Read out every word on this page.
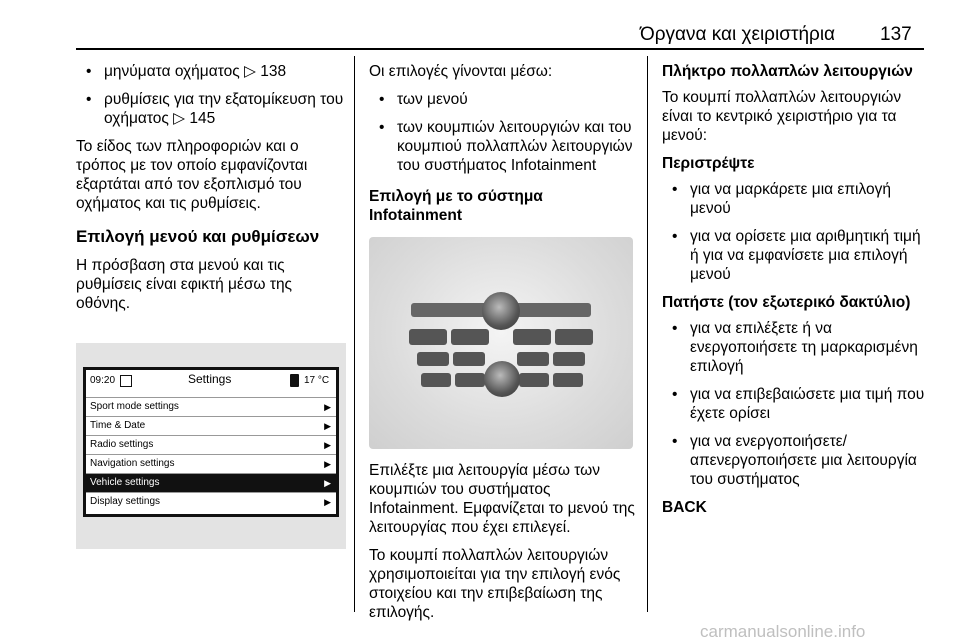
Όργανα και χειριστήρια 137
• μηνύματα οχήματος ▷ 138
• ρυθμίσεις για την εξατομίκευση του οχήματος ▷ 145

Το είδος των πληροφοριών και ο τρόπος με τον οποίο εμφανίζονται εξαρτάται από τον εξοπλισμό του οχήματος και τις ρυθμίσεις.

Επιλογή μενού και ρυθμίσεων

Η πρόσβαση στα μενού και τις ρυθμίσεις είναι εφικτή μέσω της οθόνης.

09:20	Settings	17 °C
Sport mode settings	▶
Time & Date	▶
Radio settings	▶
Navigation settings	▶
Vehicle settings	▶
Display settings	▶

Οι επιλογές γίνονται μέσω:

• των μενού
• των κουμπιών λειτουργιών και του κουμπιού πολλαπλών λειτουργιών του συστήματος Infotainment
Επιλογή με το σύστημα Infotainment

Επιλέξτε μια λειτουργία μέσω των κουμπιών του συστήματος Infotainment. Εμφανίζεται το μενού της λειτουργίας που έχει επιλεγεί.

Το κουμπί πολλαπλών λειτουργιών χρησιμοποιείται για την επιλογή ενός στοιχείου και την επιβεβαίωση της επιλογής.

Πλήκτρο πολλαπλών λειτουργιών

Το κουμπί πολλαπλών λειτουργιών είναι το κεντρικό χειριστήριο για τα μενού:

Περιστρέψτε
• για να μαρκάρετε μια επιλογή μενού
• για να ορίσετε μια αριθμητική τιμή ή για να εμφανίσετε μια επιλογή μενού
Πατήστε (τον εξωτερικό δακτύλιο)
• για να επιλέξετε ή να ενεργοποιήσετε τη μαρκαρισμένη επιλογή
• για να επιβεβαιώσετε μια τιμή που έχετε ορίσει
• για να ενεργοποιήσετε/απενεργοποιήσετε μια λειτουργία του συστήματος
BACK
carmanualsonline.info
